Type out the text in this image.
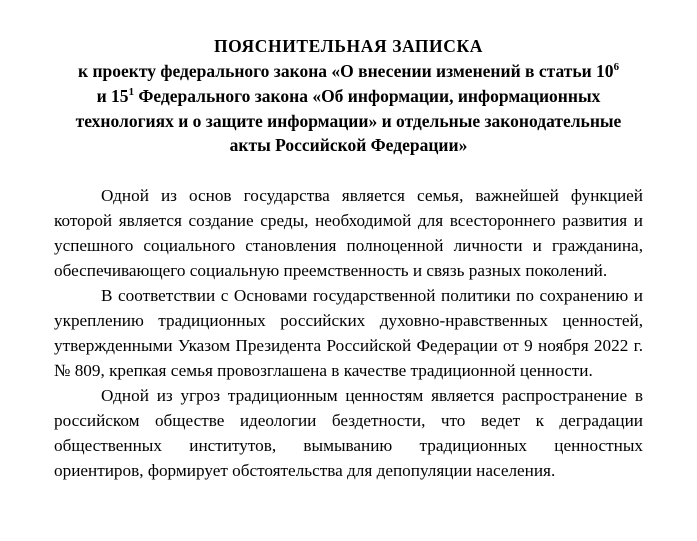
ПОЯСНИТЕЛЬНАЯ ЗАПИСКА
к проекту федерального закона «О внесении изменений в статьи $10^6$
и $15^1$ Федерального закона «Об информации, информационных
технологиях и о защите информации» и отдельные законодательные
акты Российской Федерации»

Одной из основ государства является семья, важнейшей функцией которой является создание среды, необходимой для всестороннего развития и успешного социального становления полноценной личности и гражданина, обеспечивающего социальную преемственность и связь разных поколений.

В соответствии с Основами государственной политики по сохранению и укреплению традиционных российских духовно-нравственных ценностей, утвержденными Указом Президента Российской Федерации от 9 ноября 2022 г. № 809, крепкая семья провозглашена в качестве традиционной ценности.

Одной из угроз традиционным ценностям является распространение в российском обществе идеологии бездетности, что ведет к деградации общественных институтов, вымыванию традиционных ценностных ориентиров, формирует обстоятельства для депопуляции населения.
